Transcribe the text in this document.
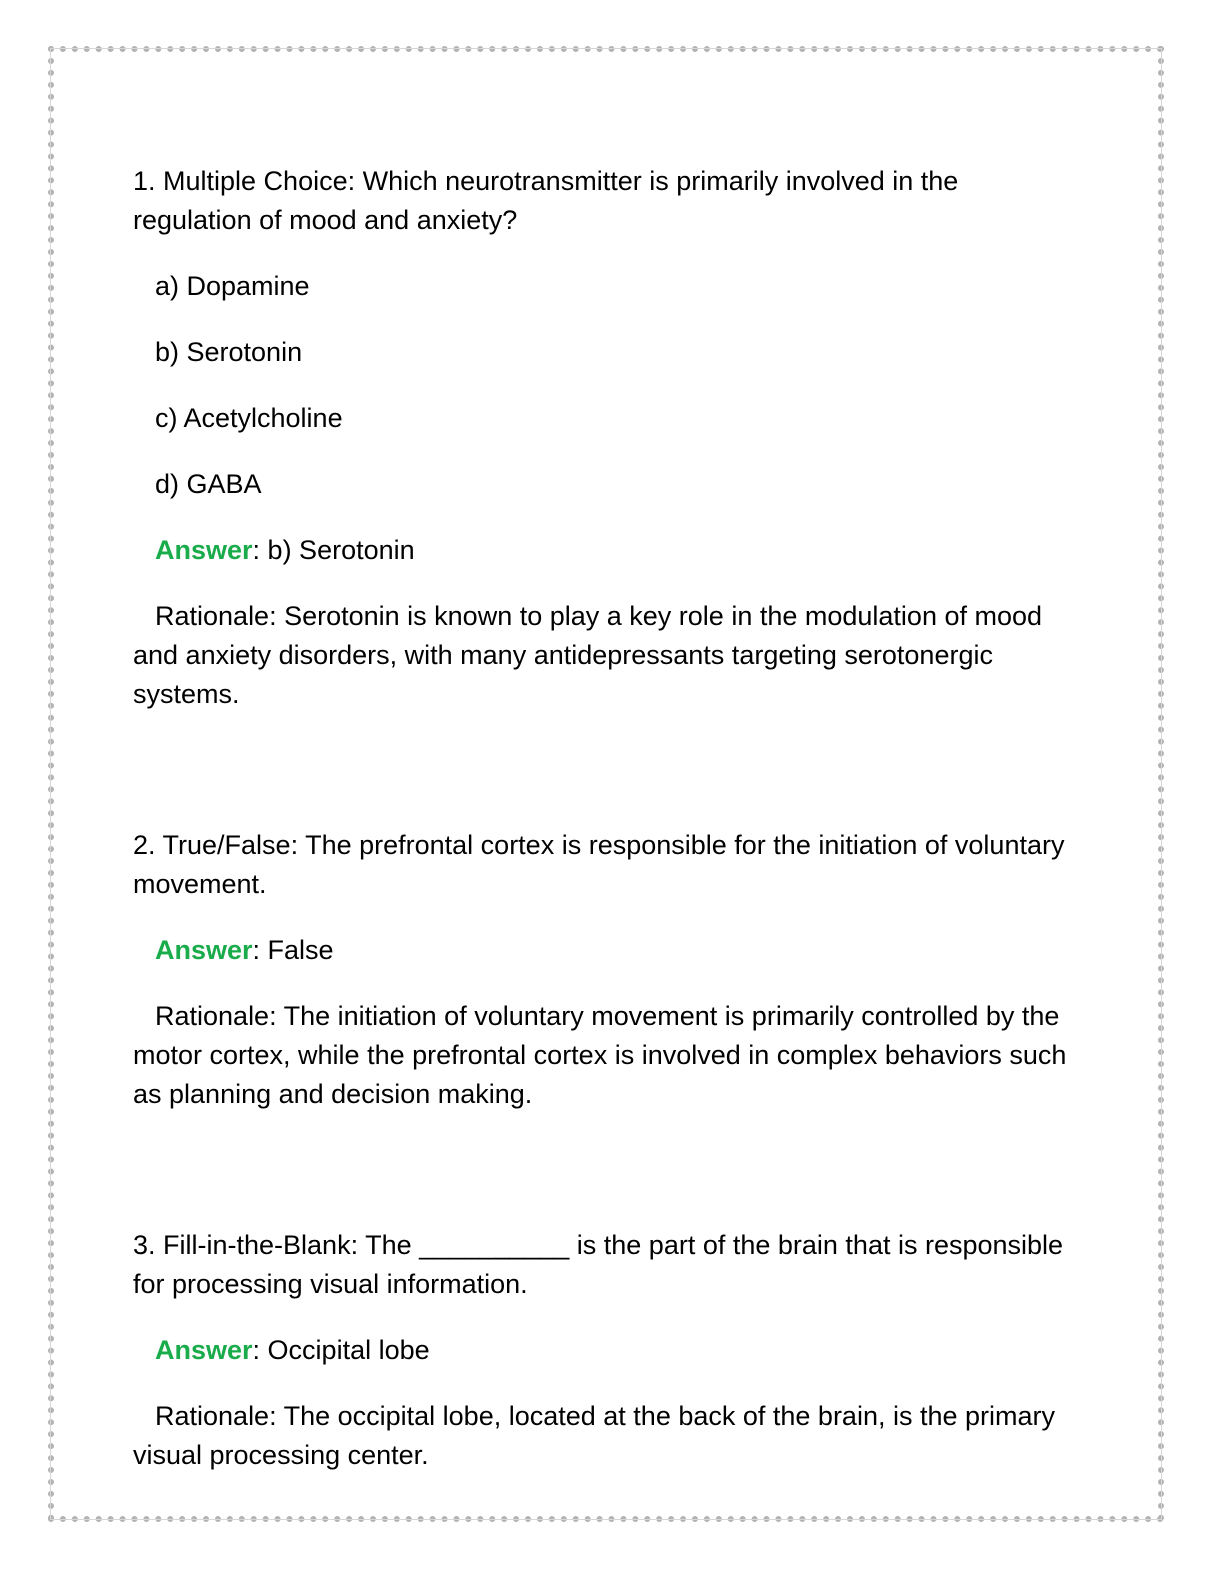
1. Multiple Choice: Which neurotransmitter is primarily involved in the regulation of mood and anxiety?

a) Dopamine

b) Serotonin

c) Acetylcholine

d) GABA

Answer: b) Serotonin

Rationale: Serotonin is known to play a key role in the modulation of mood and anxiety disorders, with many antidepressants targeting serotonergic systems.

2. True/False: The prefrontal cortex is responsible for the initiation of voluntary movement.

Answer: False

Rationale: The initiation of voluntary movement is primarily controlled by the motor cortex, while the prefrontal cortex is involved in complex behaviors such as planning and decision making.

3. Fill-in-the-Blank: The __________ is the part of the brain that is responsible for processing visual information.

Answer: Occipital lobe

Rationale: The occipital lobe, located at the back of the brain, is the primary visual processing center.
